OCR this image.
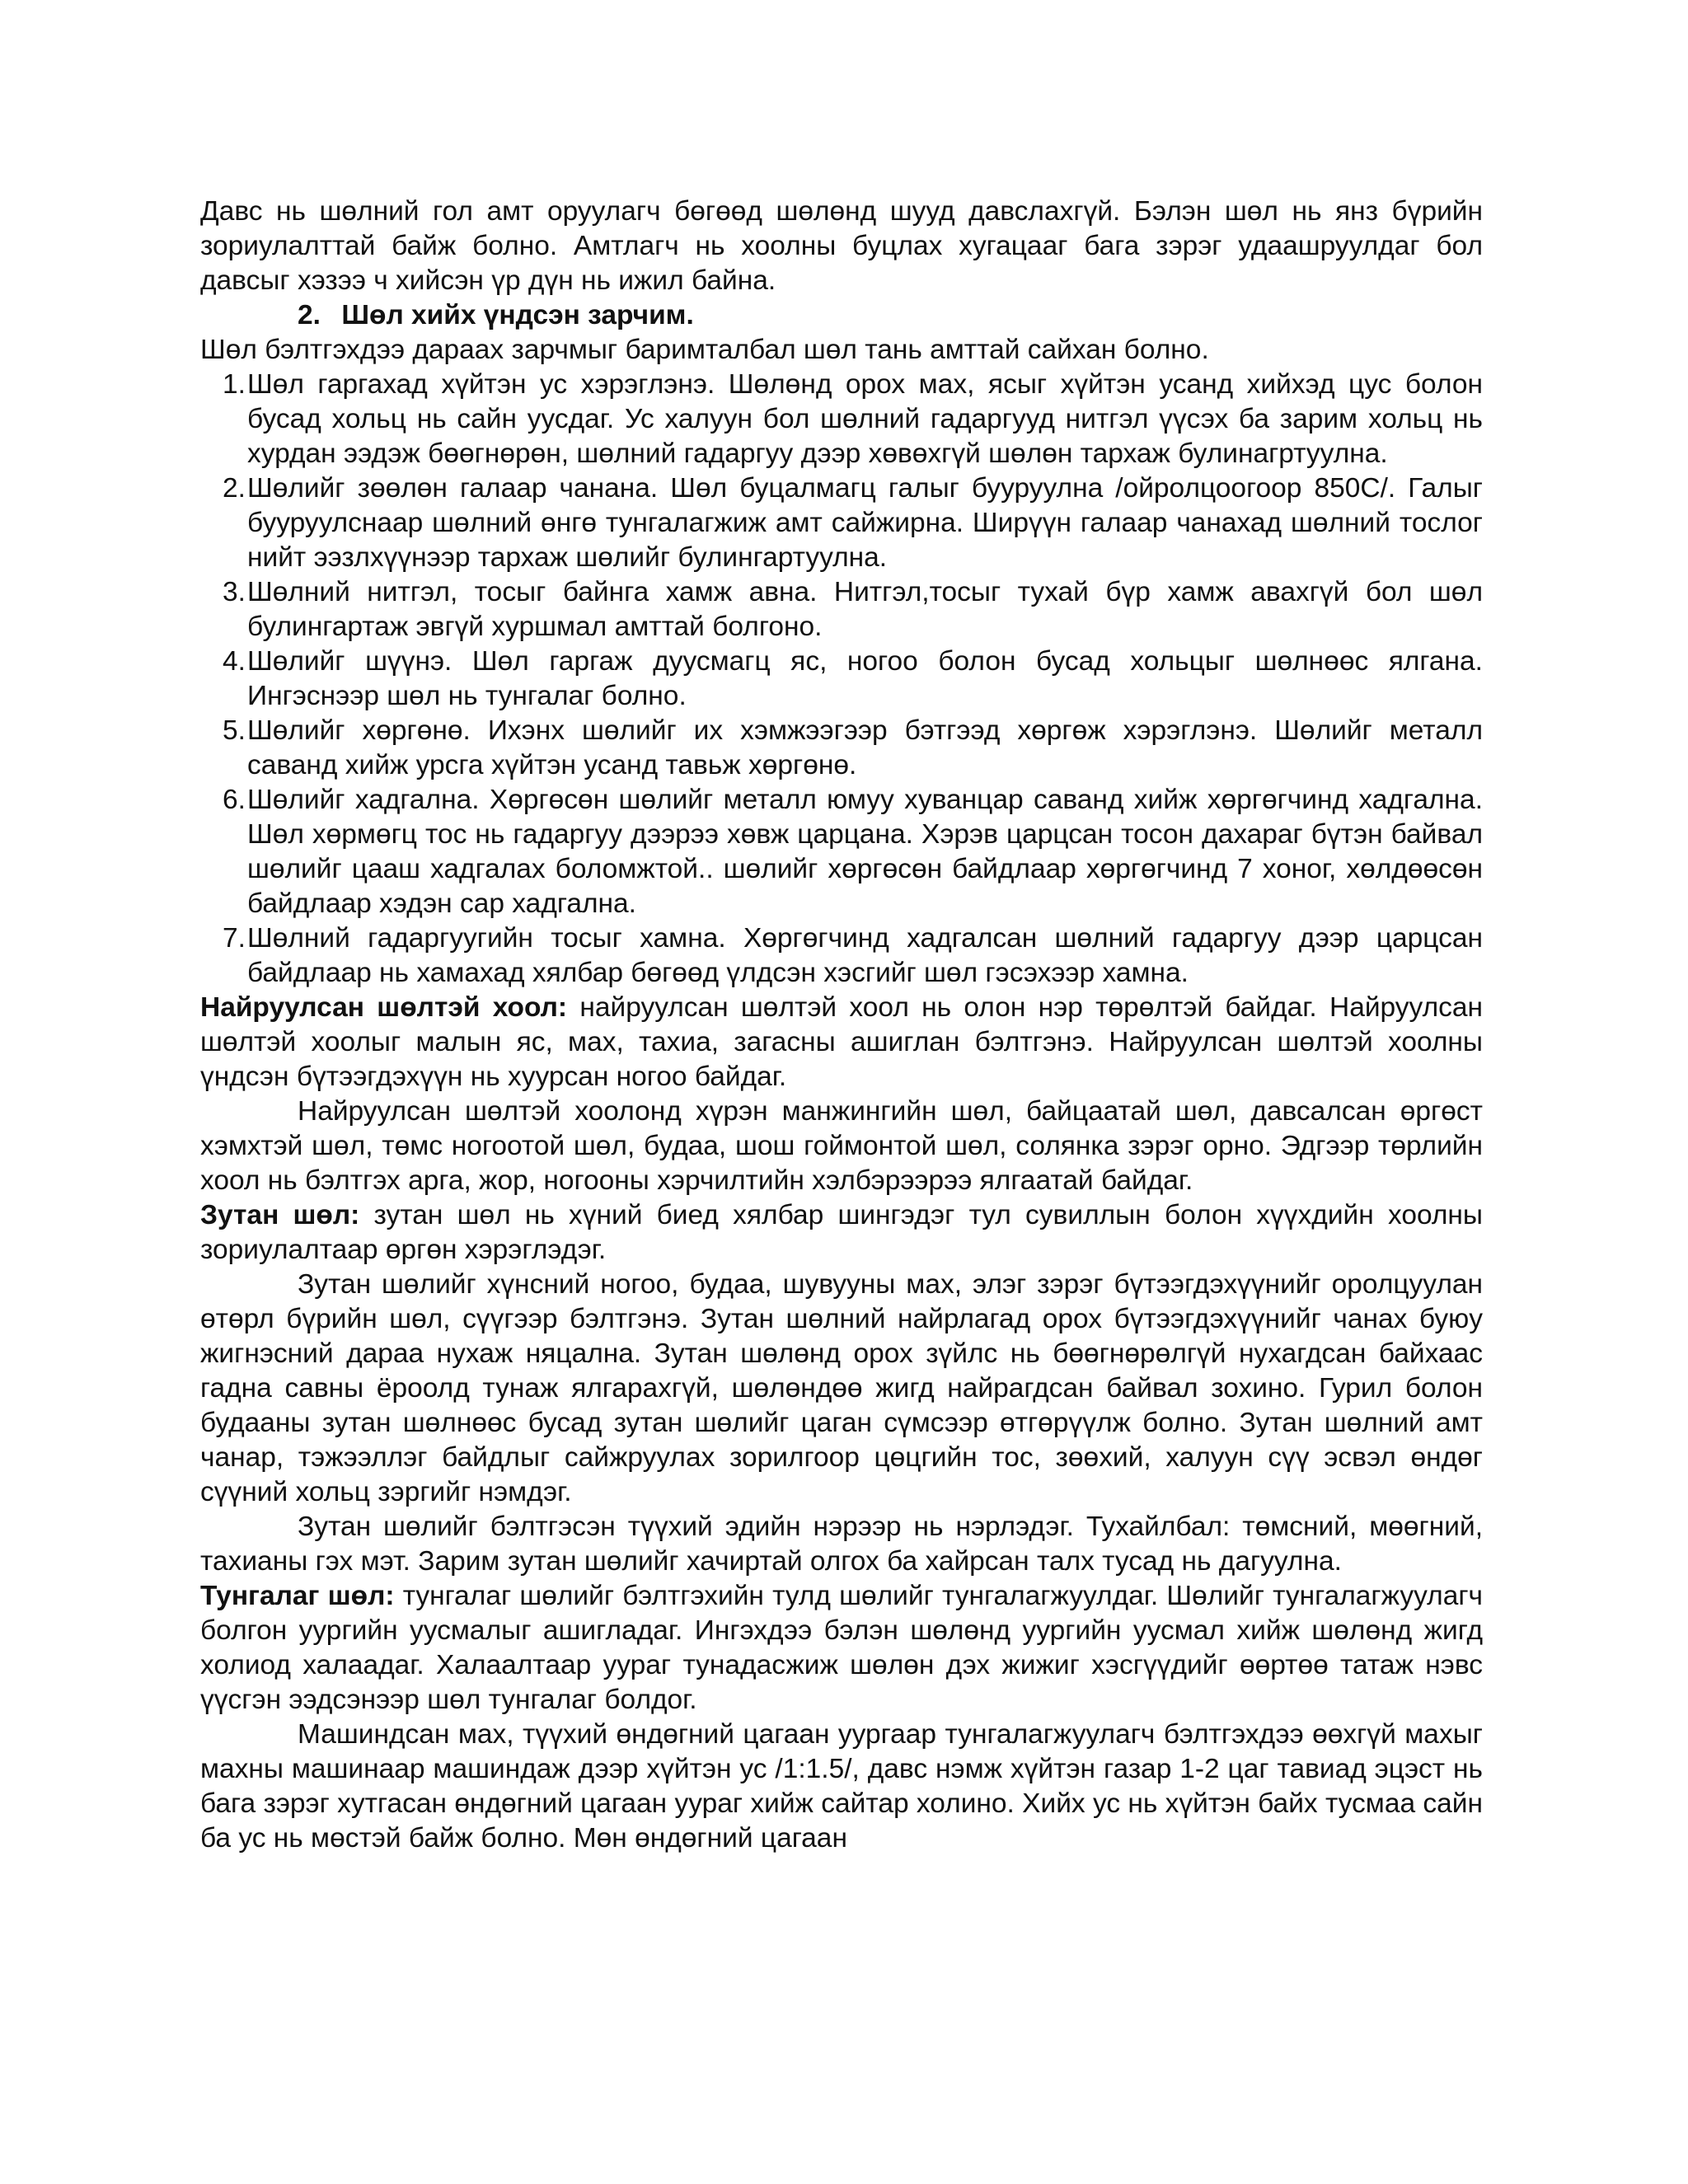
Давс нь шөлний гол амт оруулагч бөгөөд шөлөнд шууд давслахгүй. Бэлэн шөл нь янз бүрийн зориулалттай байж болно. Амтлагч нь хоолны буцлах хугацааг бага зэрэг удаашруулдаг бол давсыг хэзээ ч хийсэн үр дүн нь ижил байна.

2. Шөл хийх үндсэн зарчим.

Шөл бэлтгэхдээ дараах зарчмыг баримталбал шөл тань амттай сайхан болно.

1. Шөл гаргахад хүйтэн ус хэрэглэнэ. Шөлөнд орох мах, ясыг хүйтэн усанд хийхэд цус болон бусад хольц нь сайн уусдаг. Ус халуун бол шөлний гадаргууд нитгэл үүсэх ба зарим хольц нь хурдан ээдэж бөөгнөрөн, шөлний гадаргуу дээр хөвөхгүй шөлөн тархаж булинагртуулна.
2. Шөлийг зөөлөн галаар чанана. Шөл буцалмагц галыг бууруулна /ойролцоогоор 850С/. Галыг бууруулснаар шөлний өнгө тунгалагжиж амт сайжирна. Ширүүн галаар чанахад шөлний тослог нийт ээзлхүүнээр тархаж шөлийг булингартуулна.
3. Шөлний нитгэл, тосыг байнга хамж авна. Нитгэл,тосыг тухай бүр хамж авахгүй бол шөл булингартаж эвгүй хуршмал амттай болгоно.
4. Шөлийг шүүнэ. Шөл гаргаж дуусмагц яс, ногоо болон бусад хольцыг шөлнөөс ялгана. Ингэснээр шөл нь тунгалаг болно.
5. Шөлийг хөргөнө. Ихэнх шөлийг их хэмжээгээр бэтгээд хөргөж хэрэглэнэ. Шөлийг металл саванд хийж урсга хүйтэн усанд тавьж хөргөнө.
6. Шөлийг хадгална. Хөргөсөн шөлийг металл юмуу хуванцар саванд хийж хөргөгчинд хадгална. Шөл хөрмөгц тос нь гадаргуу дээрээ хөвж царцана. Хэрэв царцсан тосон дахараг бүтэн байвал шөлийг цааш хадгалах боломжтой.. шөлийг хөргөсөн байдлаар хөргөгчинд 7 хоног, хөлдөөсөн байдлаар хэдэн сар хадгална.
7. Шөлний гадаргуугийн тосыг хамна. Хөргөгчинд хадгалсан шөлний гадаргуу дээр царцсан байдлаар нь хамахад хялбар бөгөөд үлдсэн хэсгийг шөл гэсэхээр хамна.

Найруулсан шөлтэй хоол: найруулсан шөлтэй хоол нь олон нэр төрөлтэй байдаг. Найруулсан шөлтэй хоолыг малын яс, мах, тахиа, загасны ашиглан бэлтгэнэ. Найруулсан шөлтэй хоолны үндсэн бүтээгдэхүүн нь хуурсан ногоо байдаг.

Найруулсан шөлтэй хоолонд хүрэн манжингийн шөл, байцаатай шөл, давсалсан өргөст хэмхтэй шөл, төмс ногоотой шөл, будаа, шош гоймонтой шөл, солянка зэрэг орно. Эдгээр төрлийн хоол нь бэлтгэх арга, жор, ногооны хэрчилтийн хэлбэрээрээ ялгаатай байдаг.

Зутан шөл: зутан шөл нь хүний биед хялбар шингэдэг тул сувиллын болон хүүхдийн хоолны зориулалтаар өргөн хэрэглэдэг.

Зутан шөлийг хүнсний ногоо, будаа, шувууны мах, элэг зэрэг бүтээгдэхүүнийг оролцуулан өтөрл бүрийн шөл, сүүгээр бэлтгэнэ. Зутан шөлний найрлагад орох бүтээгдэхүүнийг чанах буюу жигнэсний дараа нухаж няцална. Зутан шөлөнд орох зүйлс нь бөөгнөрөлгүй нухагдсан байхаас гадна савны ёроолд тунаж ялгарахгүй, шөлөндөө жигд найрагдсан байвал зохино. Гурил болон будааны зутан шөлнөөс бусад зутан шөлийг цаган сүмсээр өтгөрүүлж болно. Зутан шөлний амт чанар, тэжээллэг байдлыг сайжруулах зорилгоор цөцгийн тос, зөөхий, халуун сүү эсвэл өндөг сүүний хольц зэргийг нэмдэг.

Зутан шөлийг бэлтгэсэн түүхий эдийн нэрээр нь нэрлэдэг. Тухайлбал: төмсний, мөөгний, тахианы гэх мэт. Зарим зутан шөлийг хачиртай олгох ба хайрсан талх тусад нь дагуулна.

Тунгалаг шөл: тунгалаг шөлийг бэлтгэхийн тулд шөлийг тунгалагжуулдаг. Шөлийг тунгалагжуулагч болгон уургийн уусмалыг ашигладаг. Ингэхдээ бэлэн шөлөнд уургийн уусмал хийж шөлөнд жигд холиод халаадаг. Халаалтаар уураг тунадасжиж шөлөн дэх жижиг хэсгүүдийг өөртөө татаж нэвс үүсгэн ээдсэнээр шөл тунгалаг болдог.

Машиндсан мах, түүхий өндөгний цагаан уургаар тунгалагжуулагч бэлтгэхдээ өөхгүй махыг махны машинаар машиндаж дээр хүйтэн ус /1:1.5/, давс нэмж хүйтэн газар 1-2 цаг тавиад эцэст нь бага зэрэг хутгасан өндөгний цагаан уураг хийж сайтар холино. Хийх ус нь хүйтэн байх тусмаа сайн ба ус нь мөстэй байж болно. Мөн өндөгний цагаан
